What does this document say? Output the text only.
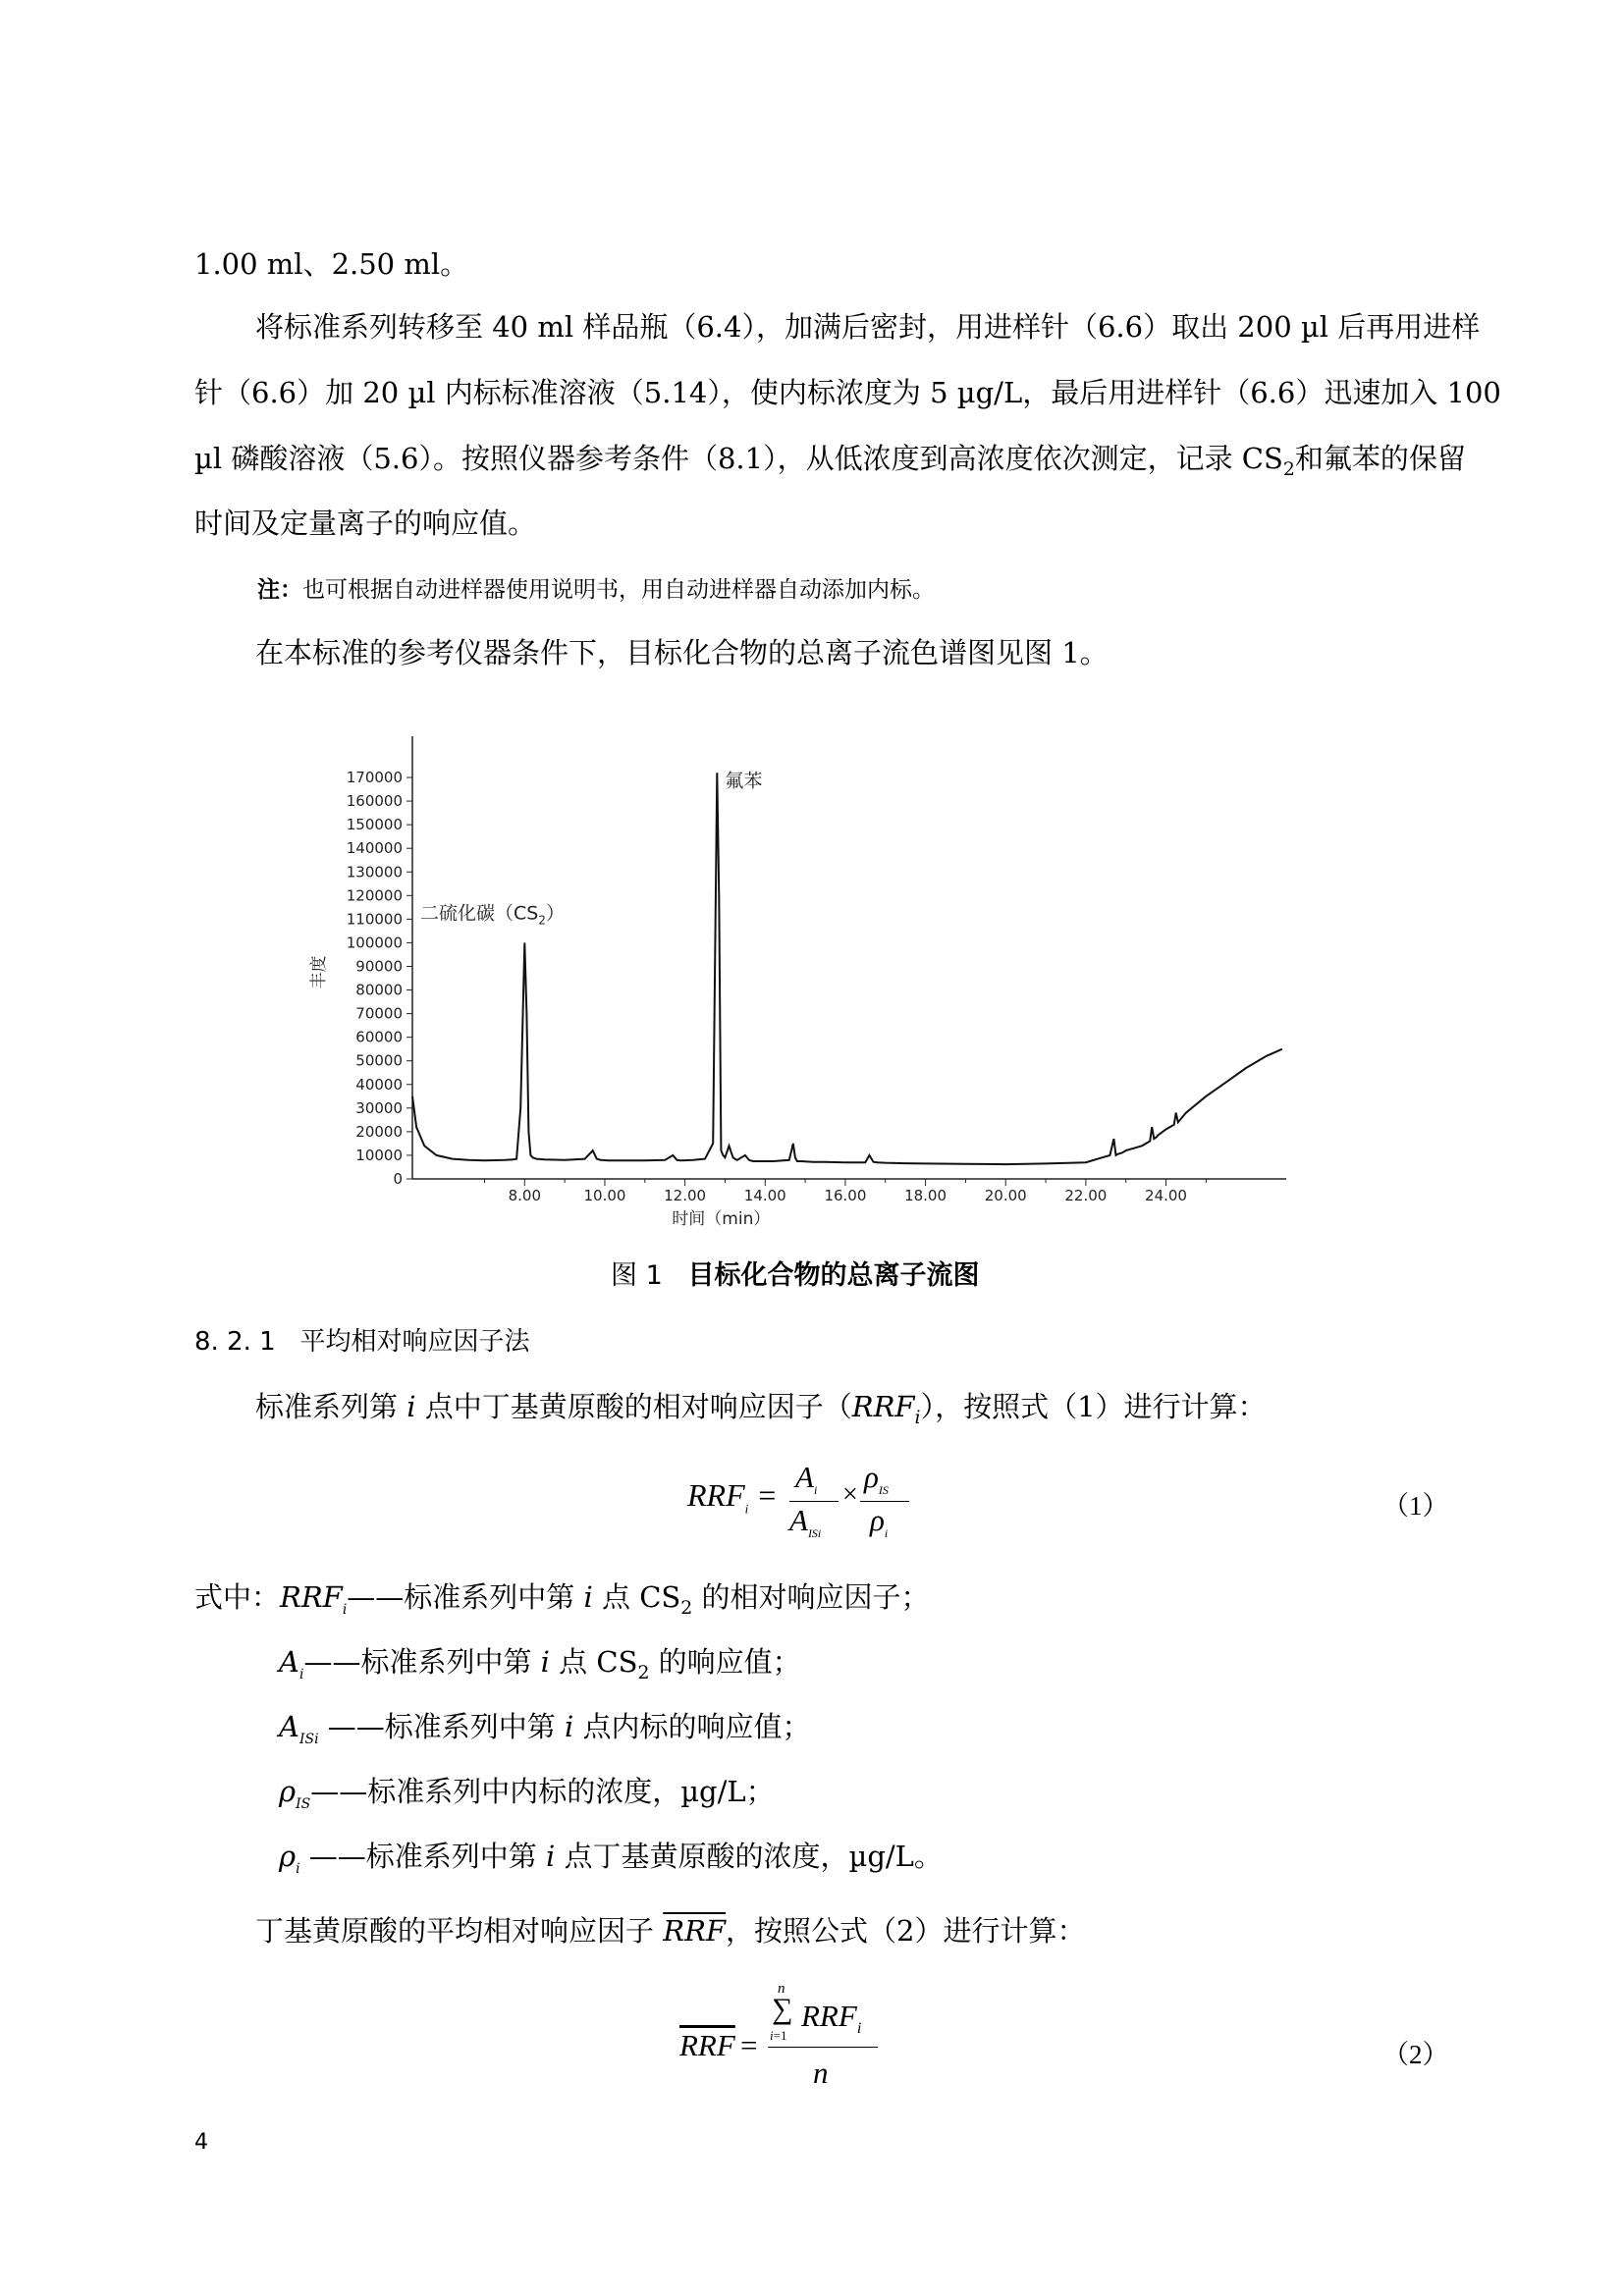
1.00 ml、2.50 ml。
将标准系列转移至 40 ml 样品瓶（6.4），加满后密封，用进样针（6.6）取出 200 µl 后再用进样
针（6.6）加 20 µl 内标标准溶液（5.14），使内标浓度为 5 µg/L，最后用进样针（6.6）迅速加入 100
µl 磷酸溶液（5.6）。按照仪器参考条件（8.1），从低浓度到高浓度依次测定，记录 $CS_2$和氟苯的保留
时间及定量离子的响应值。
注：也可根据自动进样器使用说明书，用自动进样器自动添加内标。
在本标准的参考仪器条件下，目标化合物的总离子流色谱图见图 1。
0
10000
20000
30000
40000
50000
60000
70000
80000
90000
100000
110000
120000
130000
140000
150000
160000
170000
8.00	10.00	12.00	14.00	16.00	18.00	20.00	22.00	24.00
丰度
时间（min）
二硫化碳$(CS_2)$
氟苯
图 1 目标化合物的总离子流图
8. 2. 1 平均相对响应因子法
标准系列第 i 点中丁基黄原酸的相对响应因子$(RRF_i)$，按照式（1）进行计算：
$RRF_i$ =
$A_i$
$A_{ISi}$
×
$\rho_{IS}$
$\rho_i$
（1）
式中：$RRF_i——$标准系列中第 i 点 $CS_2$ 的相对响应因子；
$A_i——$标准系列中第 i 点 $CS_2$ 的响应值；
$A_{ISi}$ ——标准系列中第 i 点内标的响应值；
$\rho_{IS}——$标准系列中内标的浓度，µg/L；
$\rho_i$ ——标准系列中第 i 点丁基黄原酸的浓度，µg/L。
丁基黄原酸的平均相对响应因子 $\overline{RRF}$，按照公式（2）进行计算：
$\overline{RRF}$ =
n
∑
i=1
$RRF_i$
n
（2）
4
